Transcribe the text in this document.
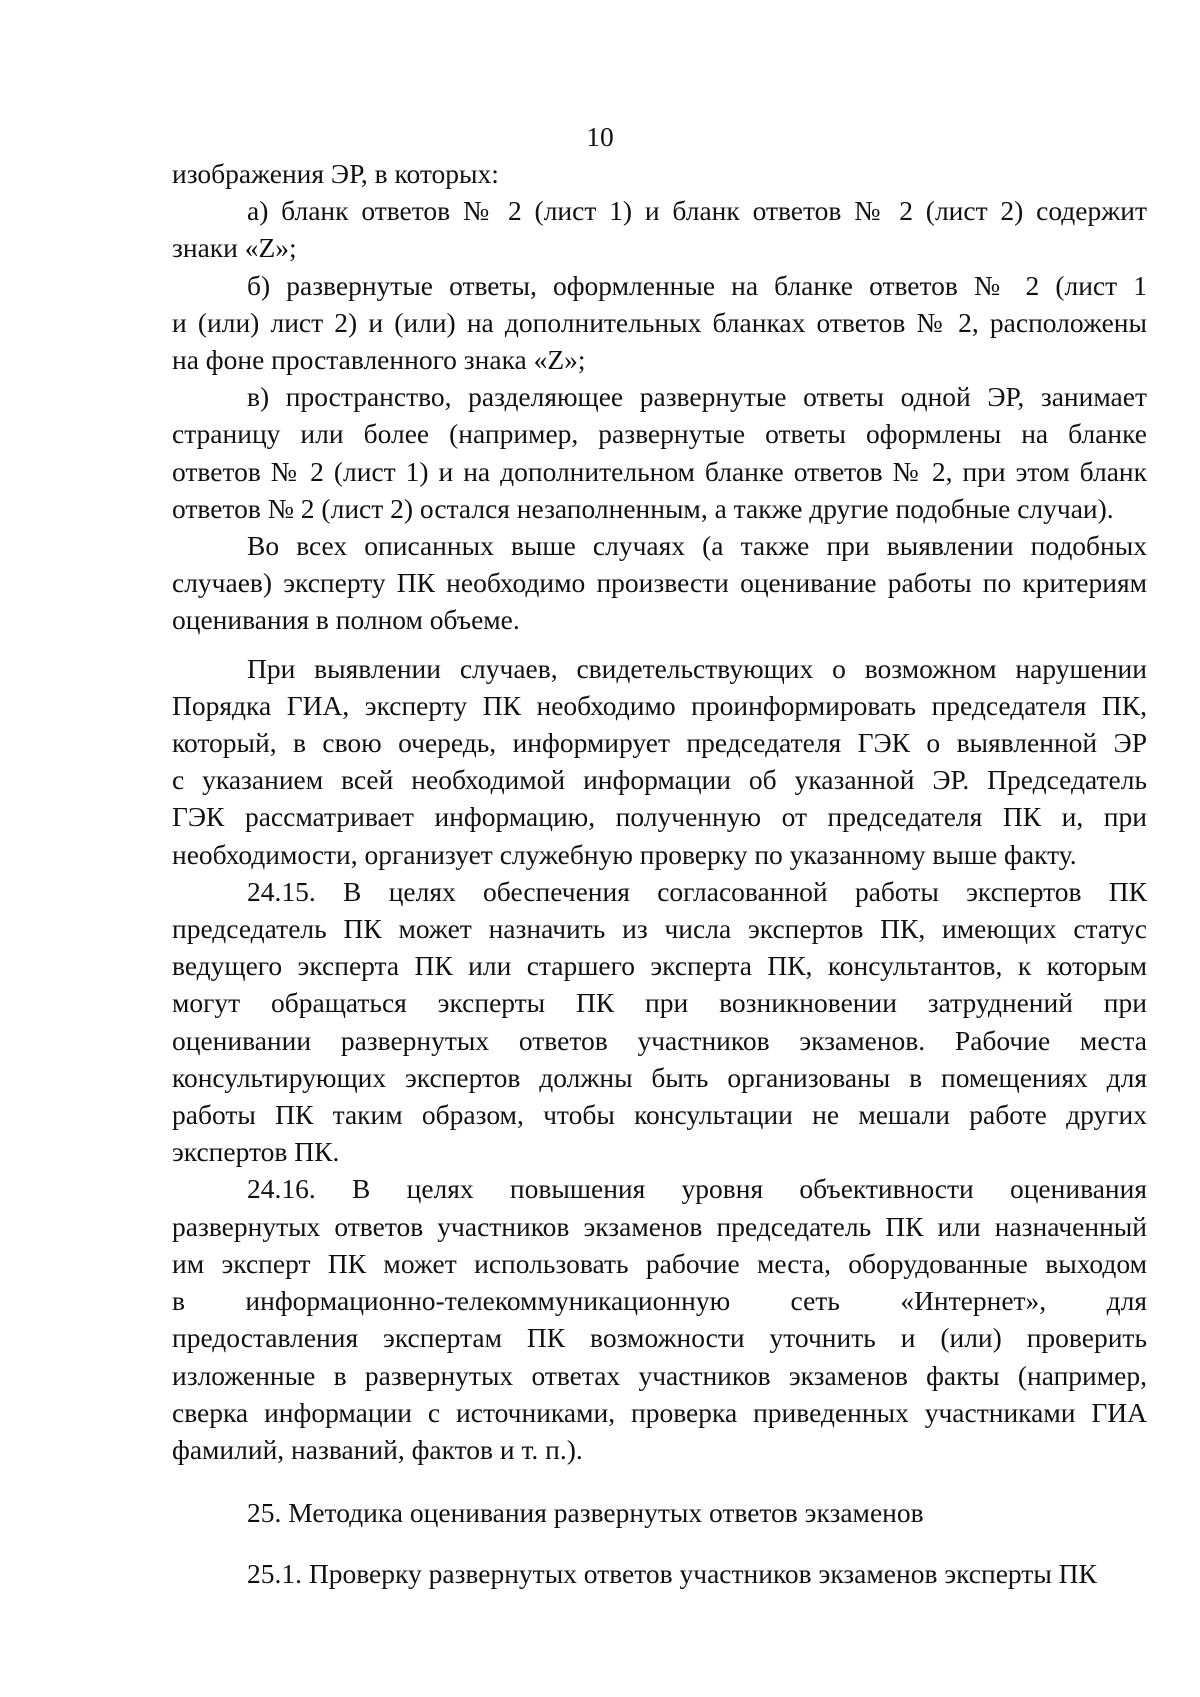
10
изображения ЭР, в которых:
а) бланк ответов № 2 (лист 1) и бланк ответов № 2 (лист 2) содержит
знаки «Z»;
б) развернутые ответы, оформленные на бланке ответов № 2 (лист 1
и (или) лист 2) и (или) на дополнительных бланках ответов № 2, расположены
на фоне проставленного знака «Z»;
в) пространство, разделяющее развернутые ответы одной ЭР, занимает
страницу или более (например, развернутые ответы оформлены на бланке
ответов № 2 (лист 1) и на дополнительном бланке ответов № 2, при этом бланк
ответов № 2 (лист 2) остался незаполненным, а также другие подобные случаи).
Во всех описанных выше случаях (а также при выявлении подобных
случаев) эксперту ПК необходимо произвести оценивание работы по критериям
оценивания в полном объеме.
При выявлении случаев, свидетельствующих о возможном нарушении
Порядка ГИА, эксперту ПК необходимо проинформировать председателя ПК,
который, в свою очередь, информирует председателя ГЭК о выявленной ЭР
с указанием всей необходимой информации об указанной ЭР. Председатель
ГЭК рассматривает информацию, полученную от председателя ПК и, при
необходимости, организует служебную проверку по указанному выше факту.
24.15. В целях обеспечения согласованной работы экспертов ПК
председатель ПК может назначить из числа экспертов ПК, имеющих статус
ведущего эксперта ПК или старшего эксперта ПК, консультантов, к которым
могут обращаться эксперты ПК при возникновении затруднений при
оценивании развернутых ответов участников экзаменов. Рабочие места
консультирующих экспертов должны быть организованы в помещениях для
работы ПК таким образом, чтобы консультации не мешали работе других
экспертов ПК.
24.16. В целях повышения уровня объективности оценивания
развернутых ответов участников экзаменов председатель ПК или назначенный
им эксперт ПК может использовать рабочие места, оборудованные выходом
в информационно-телекоммуникационную сеть «Интернет», для
предоставления экспертам ПК возможности уточнить и (или) проверить
изложенные в развернутых ответах участников экзаменов факты (например,
сверка информации с источниками, проверка приведенных участниками ГИА
фамилий, названий, фактов и т. п.).
25. Методика оценивания развернутых ответов экзаменов
25.1. Проверку развернутых ответов участников экзаменов эксперты ПК
